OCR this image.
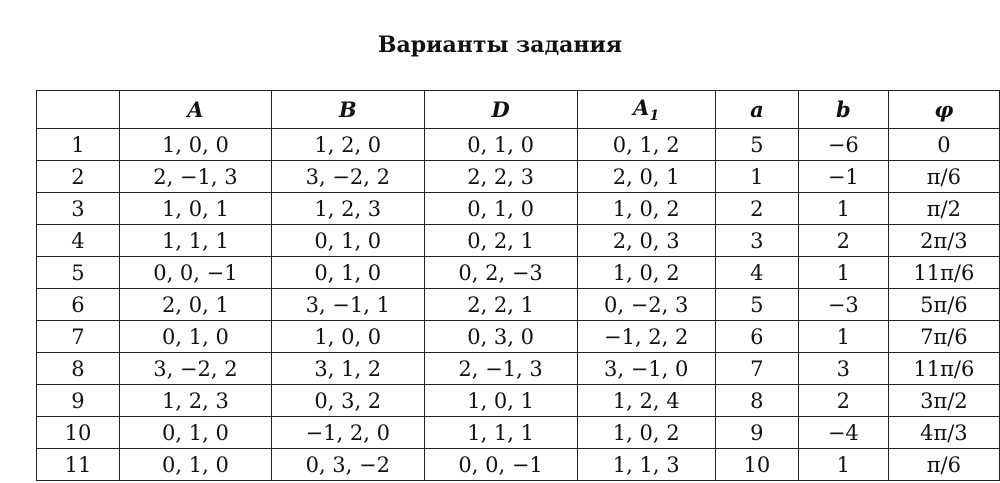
Варианты задания
	A	B	D	$A_1$	a	b	φ
1	1, 0, 0	1, 2, 0	0, 1, 0	0, 1, 2	5	−6	0
2	2, −1, 3	3, −2, 2	2, 2, 3	2, 0, 1	1	−1	π/6
3	1, 0, 1	1, 2, 3	0, 1, 0	1, 0, 2	2	1	π/2
4	1, 1, 1	0, 1, 0	0, 2, 1	2, 0, 3	3	2	2π/3
5	0, 0, −1	0, 1, 0	0, 2, −3	1, 0, 2	4	1	11π/6
6	2, 0, 1	3, −1, 1	2, 2, 1	0, −2, 3	5	−3	5π/6
7	0, 1, 0	1, 0, 0	0, 3, 0	−1, 2, 2	6	1	7π/6
8	3, −2, 2	3, 1, 2	2, −1, 3	3, −1, 0	7	3	11π/6
9	1, 2, 3	0, 3, 2	1, 0, 1	1, 2, 4	8	2	3π/2
10	0, 1, 0	−1, 2, 0	1, 1, 1	1, 0, 2	9	−4	4π/3
11	0, 1, 0	0, 3, −2	0, 0, −1	1, 1, 3	10	1	π/6
